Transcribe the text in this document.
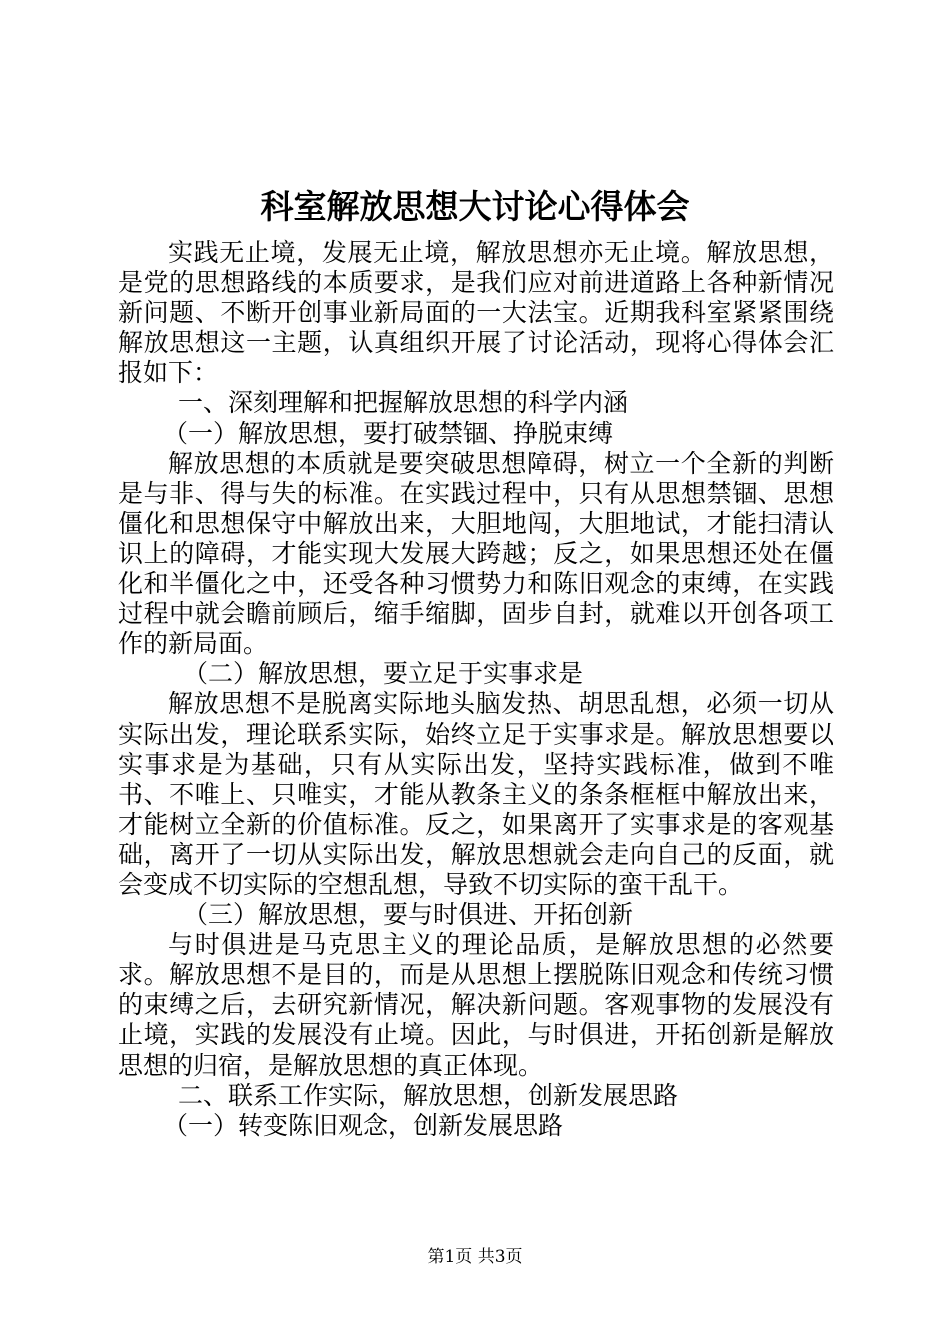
科室解放思想大讨论心得体会

实践无止境，发展无止境，解放思想亦无止境。解放思想，是党的思想路线的本质要求，是我们应对前进道路上各种新情况新问题、不断开创事业新局面的一大法宝。近期我科室紧紧围绕解放思想这一主题，认真组织开展了讨论活动，现将心得体会汇报如下：

一、深刻理解和把握解放思想的科学内涵

（一）解放思想，要打破禁锢、挣脱束缚

解放思想的本质就是要突破思想障碍，树立一个全新的判断是与非、得与失的标准。在实践过程中，只有从思想禁锢、思想僵化和思想保守中解放出来，大胆地闯，大胆地试，才能扫清认识上的障碍，才能实现大发展大跨越；反之，如果思想还处在僵化和半僵化之中，还受各种习惯势力和陈旧观念的束缚，在实践过程中就会瞻前顾后，缩手缩脚，固步自封，就难以开创各项工作的新局面。

（二）解放思想，要立足于实事求是

解放思想不是脱离实际地头脑发热、胡思乱想，必须一切从实际出发，理论联系实际，始终立足于实事求是。解放思想要以实事求是为基础，只有从实际出发，坚持实践标准，做到不唯书、不唯上、只唯实，才能从教条主义的条条框框中解放出来，才能树立全新的价值标准。反之，如果离开了实事求是的客观基础，离开了一切从实际出发，解放思想就会走向自己的反面，就会变成不切实际的空想乱想，导致不切实际的蛮干乱干。

（三）解放思想，要与时俱进、开拓创新

与时俱进是马克思主义的理论品质，是解放思想的必然要求。解放思想不是目的，而是从思想上摆脱陈旧观念和传统习惯的束缚之后，去研究新情况，解决新问题。客观事物的发展没有止境，实践的发展没有止境。因此，与时俱进，开拓创新是解放思想的归宿，是解放思想的真正体现。

二、联系工作实际，解放思想，创新发展思路

（一）转变陈旧观念，创新发展思路

第1页 共3页
